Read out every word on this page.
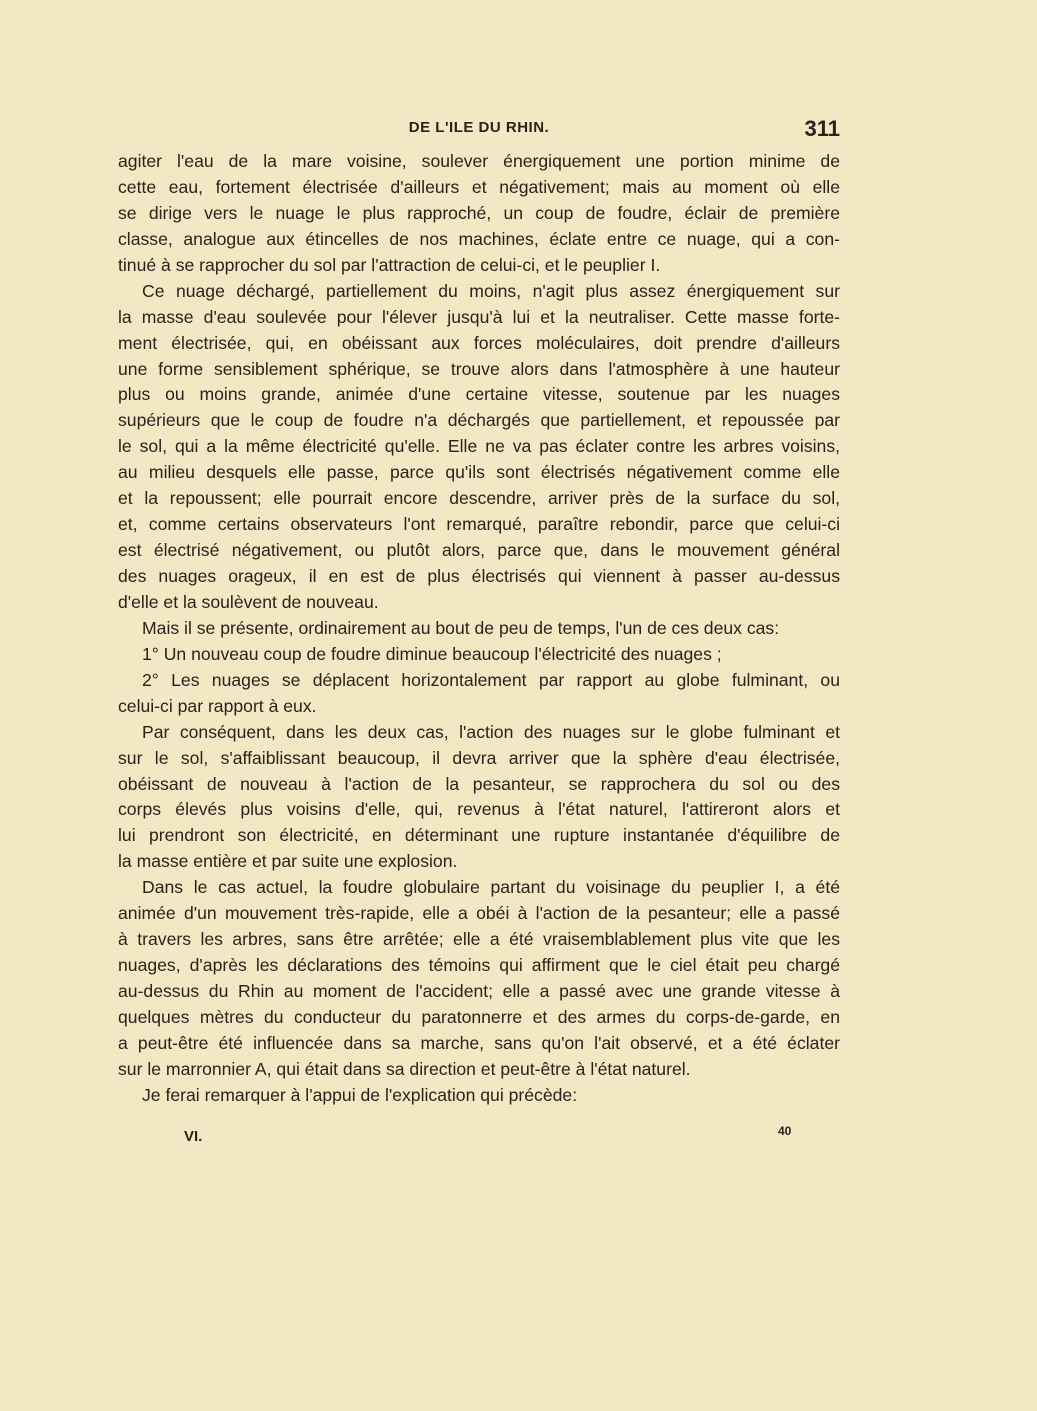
DE L'ILE DU RHIN.	311
agiter l'eau de la mare voisine, soulever énergiquement une portion minime de
cette eau, fortement électrisée d'ailleurs et négativement; mais au moment où elle
se dirige vers le nuage le plus rapproché, un coup de foudre, éclair de première
classe, analogue aux étincelles de nos machines, éclate entre ce nuage, qui a con-
tinué à se rapprocher du sol par l'attraction de celui-ci, et le peuplier I.
Ce nuage déchargé, partiellement du moins, n'agit plus assez énergiquement sur
la masse d'eau soulevée pour l'élever jusqu'à lui et la neutraliser. Cette masse forte-
ment électrisée, qui, en obéissant aux forces moléculaires, doit prendre d'ailleurs
une forme sensiblement sphérique, se trouve alors dans l'atmosphère à une hauteur
plus ou moins grande, animée d'une certaine vitesse, soutenue par les nuages
supérieurs que le coup de foudre n'a déchargés que partiellement, et repoussée par
le sol, qui a la même électricité qu'elle. Elle ne va pas éclater contre les arbres voisins,
au milieu desquels elle passe, parce qu'ils sont électrisés négativement comme elle
et la repoussent; elle pourrait encore descendre, arriver près de la surface du sol,
et, comme certains observateurs l'ont remarqué, paraître rebondir, parce que celui-ci
est électrisé négativement, ou plutôt alors, parce que, dans le mouvement général
des nuages orageux, il en est de plus électrisés qui viennent à passer au-dessus
d'elle et la soulèvent de nouveau.
Mais il se présente, ordinairement au bout de peu de temps, l'un de ces deux cas:
1° Un nouveau coup de foudre diminue beaucoup l'électricité des nuages ;
2° Les nuages se déplacent horizontalement par rapport au globe fulminant, ou
celui-ci par rapport à eux.
Par conséquent, dans les deux cas, l'action des nuages sur le globe fulminant et
sur le sol, s'affaiblissant beaucoup, il devra arriver que la sphère d'eau électrisée,
obéissant de nouveau à l'action de la pesanteur, se rapprochera du sol ou des
corps élevés plus voisins d'elle, qui, revenus à l'état naturel, l'attireront alors et
lui prendront son électricité, en déterminant une rupture instantanée d'équilibre de
la masse entière et par suite une explosion.
Dans le cas actuel, la foudre globulaire partant du voisinage du peuplier I, a été
animée d'un mouvement très-rapide, elle a obéi à l'action de la pesanteur; elle a passé
à travers les arbres, sans être arrêtée; elle a été vraisemblablement plus vite que les
nuages, d'après les déclarations des témoins qui affirment que le ciel était peu chargé
au-dessus du Rhin au moment de l'accident; elle a passé avec une grande vitesse à
quelques mètres du conducteur du paratonnerre et des armes du corps-de-garde, en
a peut-être été influencée dans sa marche, sans qu'on l'ait observé, et a été éclater
sur le marronnier A, qui était dans sa direction et peut-être à l'état naturel.
Je ferai remarquer à l'appui de l'explication qui précède:
VI.	40
